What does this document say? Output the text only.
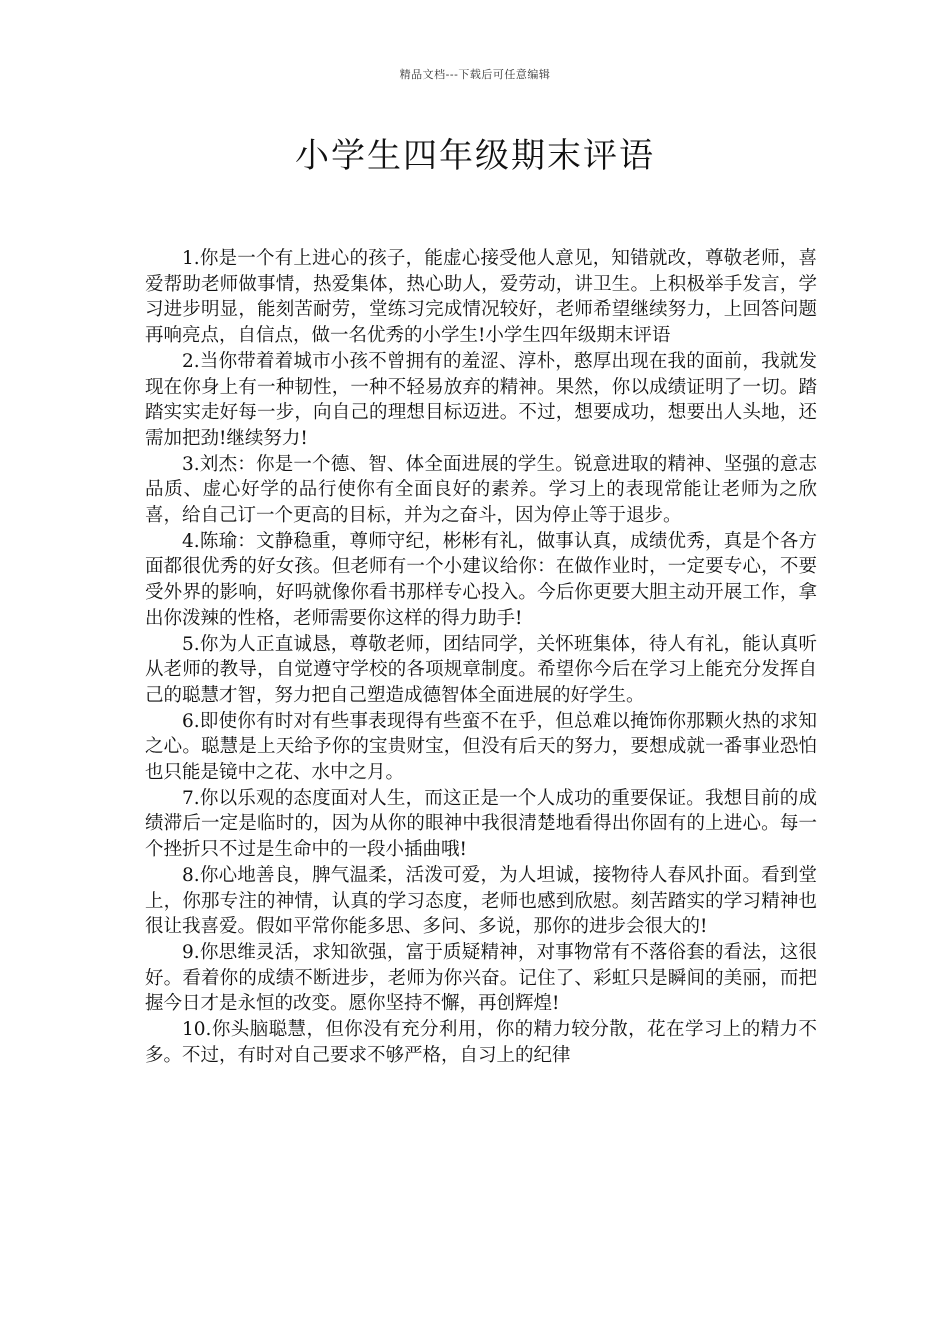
精品文档---下载后可任意编辑
小学生四年级期末评语

1.你是一个有上进心的孩子，能虚心接受他人意见，知错就改，尊敬老师，喜爱帮助老师做事情，热爱集体，热心助人，爱劳动，讲卫生。上积极举手发言，学习进步明显，能刻苦耐劳，堂练习完成情况较好，老师希望继续努力，上回答问题再响亮点，自信点，做一名优秀的小学生!小学生四年级期末评语

2.当你带着着城市小孩不曾拥有的羞涩、淳朴，憨厚出现在我的面前，我就发现在你身上有一种韧性，一种不轻易放弃的精神。果然，你以成绩证明了一切。踏踏实实走好每一步，向自己的理想目标迈进。不过，想要成功，想要出人头地，还需加把劲!继续努力!

3.刘杰：你是一个德、智、体全面进展的学生。锐意进取的精神、坚强的意志品质、虚心好学的品行使你有全面良好的素养。学习上的表现常能让老师为之欣喜，给自己订一个更高的目标，并为之奋斗，因为停止等于退步。

4.陈瑜：文静稳重，尊师守纪，彬彬有礼，做事认真，成绩优秀，真是个各方面都很优秀的好女孩。但老师有一个小建议给你：在做作业时，一定要专心，不要受外界的影响，好吗就像你看书那样专心投入。今后你更要大胆主动开展工作，拿出你泼辣的性格，老师需要你这样的得力助手!

5.你为人正直诚恳，尊敬老师，团结同学，关怀班集体，待人有礼，能认真听从老师的教导，自觉遵守学校的各项规章制度。希望你今后在学习上能充分发挥自己的聪慧才智，努力把自己塑造成德智体全面进展的好学生。

6.即使你有时对有些事表现得有些蛮不在乎，但总难以掩饰你那颗火热的求知之心。聪慧是上天给予你的宝贵财宝，但没有后天的努力，要想成就一番事业恐怕也只能是镜中之花、水中之月。

7.你以乐观的态度面对人生，而这正是一个人成功的重要保证。我想目前的成绩滞后一定是临时的，因为从你的眼神中我很清楚地看得出你固有的上进心。每一个挫折只不过是生命中的一段小插曲哦!

8.你心地善良，脾气温柔，活泼可爱，为人坦诚，接物待人春风扑面。看到堂上，你那专注的神情，认真的学习态度，老师也感到欣慰。刻苦踏实的学习精神也很让我喜爱。假如平常你能多思、多问、多说，那你的进步会很大的!

9.你思维灵活，求知欲强，富于质疑精神，对事物常有不落俗套的看法，这很好。看着你的成绩不断进步，老师为你兴奋。记住了、彩虹只是瞬间的美丽，而把握今日才是永恒的改变。愿你坚持不懈，再创辉煌!

10.你头脑聪慧，但你没有充分利用，你的精力较分散，花在学习上的精力不多。不过，有时对自己要求不够严格，自习上的纪律
